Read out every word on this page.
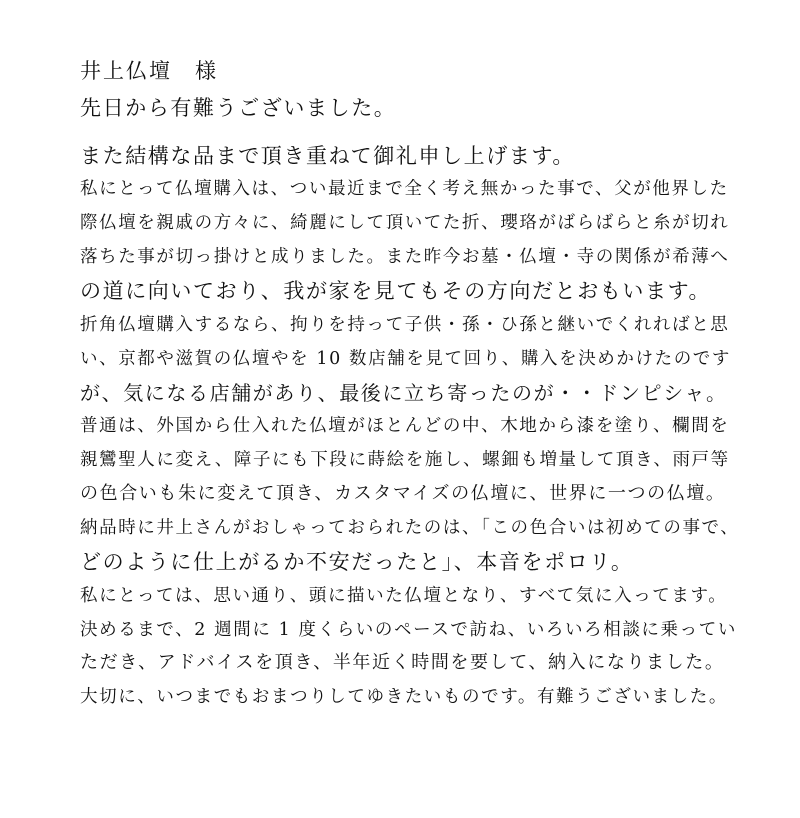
井上仏壇　様
先日から有難うございました。
また結構な品まで頂き重ねて御礼申し上げます。
私にとって仏壇購入は、つい最近まで全く考え無かった事で、父が他界した
際仏壇を親戚の方々に、綺麗にして頂いてた折、瓔珞がばらばらと糸が切れ
落ちた事が切っ掛けと成りました。また昨今お墓・仏壇・寺の関係が希薄へ
の道に向いており、我が家を見てもその方向だとおもいます。
折角仏壇購入するなら、拘りを持って子供・孫・ひ孫と継いでくれればと思
い、京都や滋賀の仏壇やを 10 数店舗を見て回り、購入を決めかけたのです
が、気になる店舗があり、最後に立ち寄ったのが・・ドンピシャ。
普通は、外国から仕入れた仏壇がほとんどの中、木地から漆を塗り、欄間を
親鸞聖人に変え、障子にも下段に蒔絵を施し、螺鈿も増量して頂き、雨戸等
の色合いも朱に変えて頂き、カスタマイズの仏壇に、世界に一つの仏壇。
納品時に井上さんがおしゃっておられたのは、「この色合いは初めての事で、
どのように仕上がるか不安だったと」、本音をポロリ。
私にとっては、思い通り、頭に描いた仏壇となり、すべて気に入ってます。
決めるまで、2 週間に 1 度くらいのペースで訪ね、いろいろ相談に乗ってい
ただき、アドバイスを頂き、半年近く時間を要して、納入になりました。
大切に、いつまでもおまつりしてゆきたいものです。有難うございました。
